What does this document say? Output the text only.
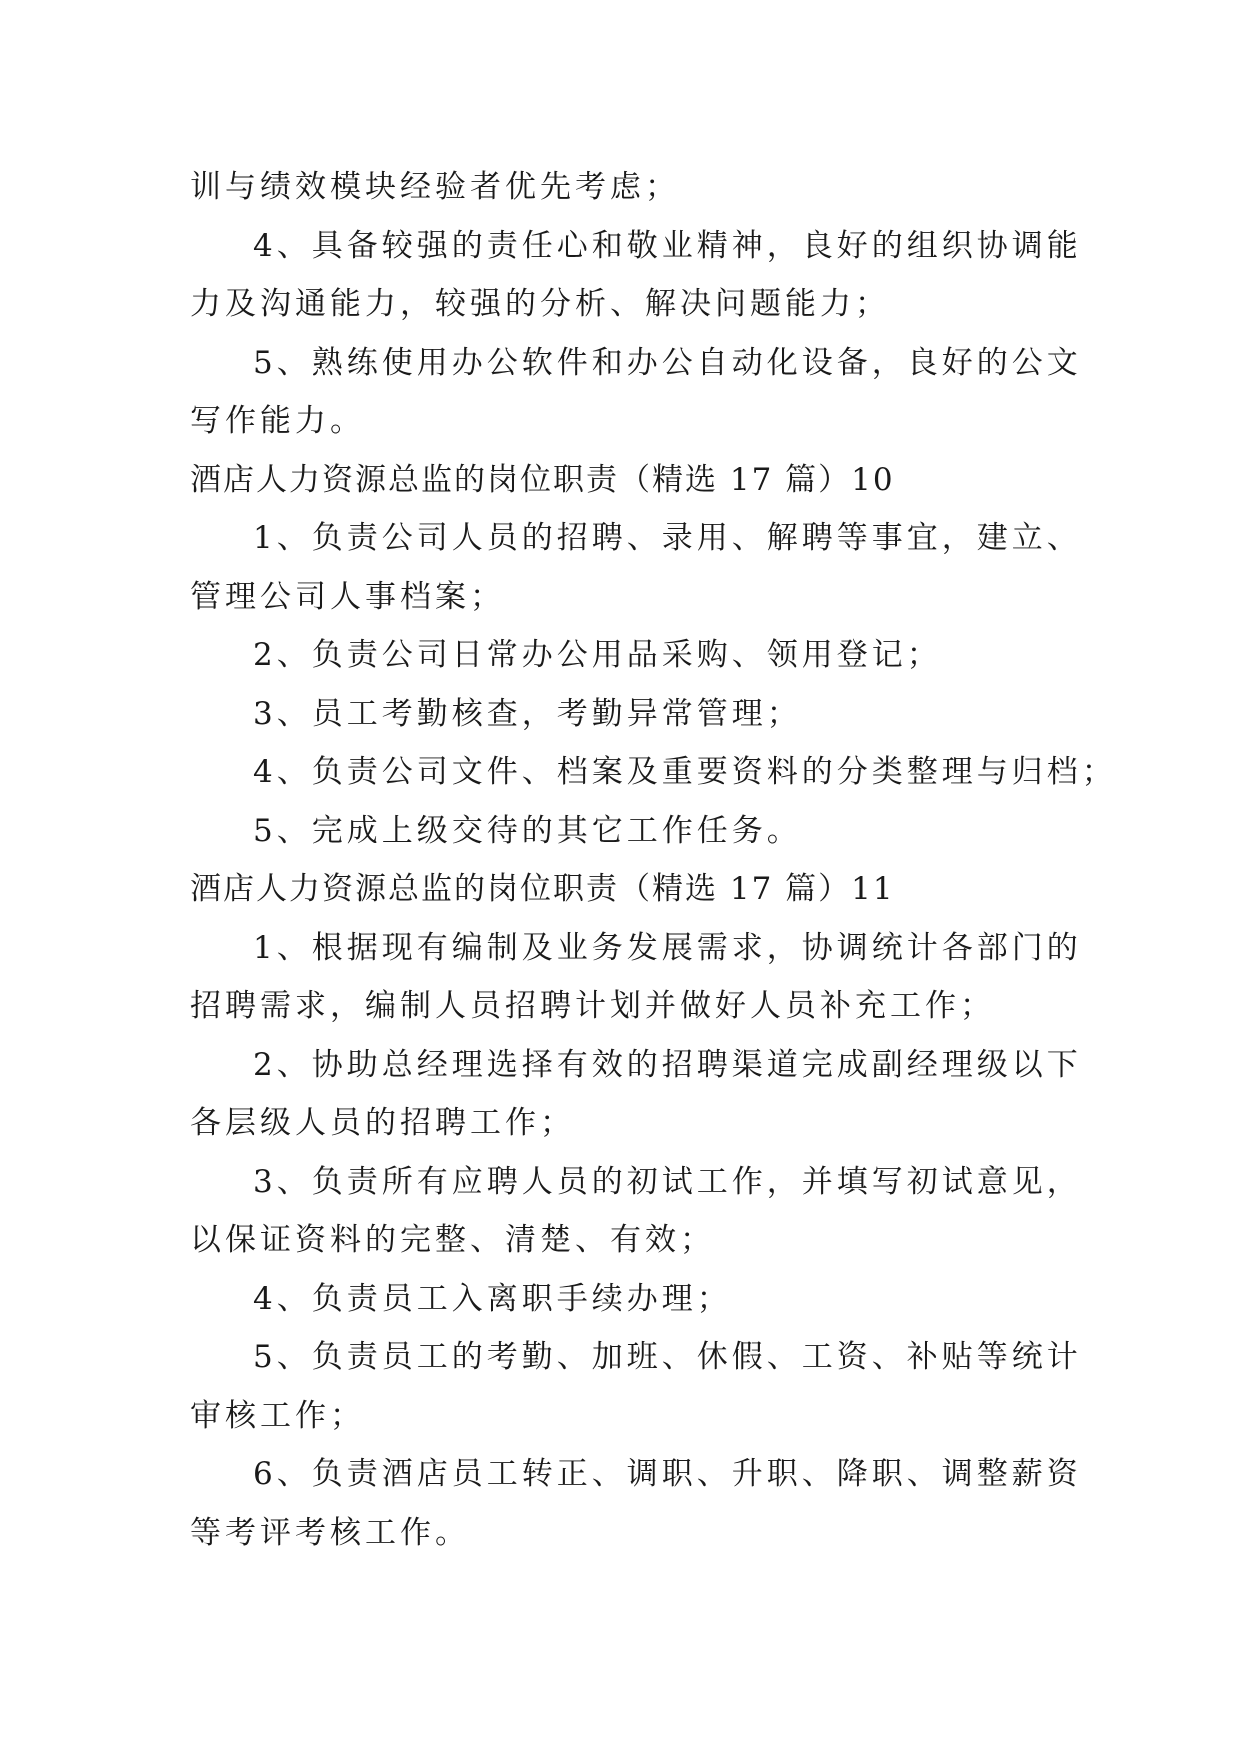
训与绩效模块经验者优先考虑；
4、具备较强的责任心和敬业精神，良好的组织协调能
力及沟通能力，较强的分析、解决问题能力；
5、熟练使用办公软件和办公自动化设备，良好的公文
写作能力。
酒店人力资源总监的岗位职责（精选 17 篇）10
1、负责公司人员的招聘、录用、解聘等事宜，建立、
管理公司人事档案；
2、负责公司日常办公用品采购、领用登记；
3、员工考勤核查，考勤异常管理；
4、负责公司文件、档案及重要资料的分类整理与归档；
5、完成上级交待的其它工作任务。
酒店人力资源总监的岗位职责（精选 17 篇）11
1、根据现有编制及业务发展需求，协调统计各部门的
招聘需求，编制人员招聘计划并做好人员补充工作；
2、协助总经理选择有效的招聘渠道完成副经理级以下
各层级人员的招聘工作；
3、负责所有应聘人员的初试工作，并填写初试意见，
以保证资料的完整、清楚、有效；
4、负责员工入离职手续办理；
5、负责员工的考勤、加班、休假、工资、补贴等统计
审核工作；
6、负责酒店员工转正、调职、升职、降职、调整薪资
等考评考核工作。
